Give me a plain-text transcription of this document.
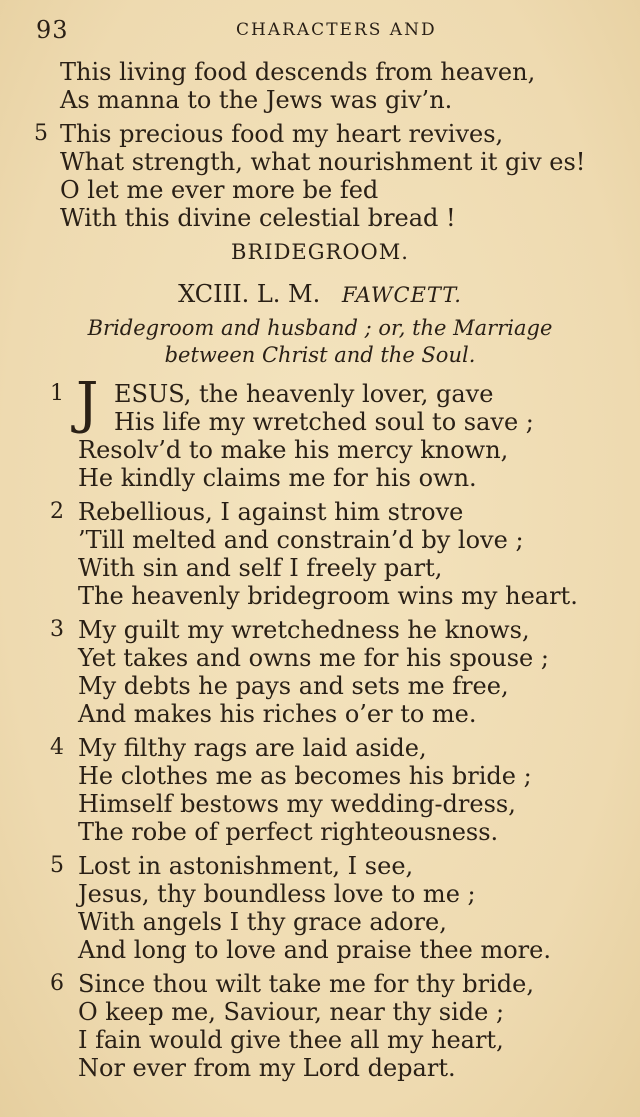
93	CHARACTERS AND
This living food descends from heaven,
As manna to the Jews was giv’n.
5 This precious food my heart revives,
What strength, what nourishment it giv es!
O let me ever more be fed
With this divine celestial bread !
BRIDEGROOM.
XCIII. L. M. FAWCETT.
Bridegroom and husband ; or, the Marriage
between Christ and the Soul.
1 J ESUS, the heavenly lover, gave
His life my wretched soul to save ;
Resolv’d to make his mercy known,
He kindly claims me for his own.
2 Rebellious, I against him strove
’Till melted and constrain’d by love ;
With sin and self I freely part,
The heavenly bridegroom wins my heart.
3 My guilt my wretchedness he knows,
Yet takes and owns me for his spouse ;
My debts he pays and sets me free,
And makes his riches o’er to me.
4 My filthy rags are laid aside,
He clothes me as becomes his bride ;
Himself bestows my wedding-dress,
The robe of perfect righteousness.
5 Lost in astonishment, I see,
Jesus, thy boundless love to me ;
With angels I thy grace adore,
And long to love and praise thee more.
6 Since thou wilt take me for thy bride,
O keep me, Saviour, near thy side ;
I fain would give thee all my heart,
Nor ever from my Lord depart.
